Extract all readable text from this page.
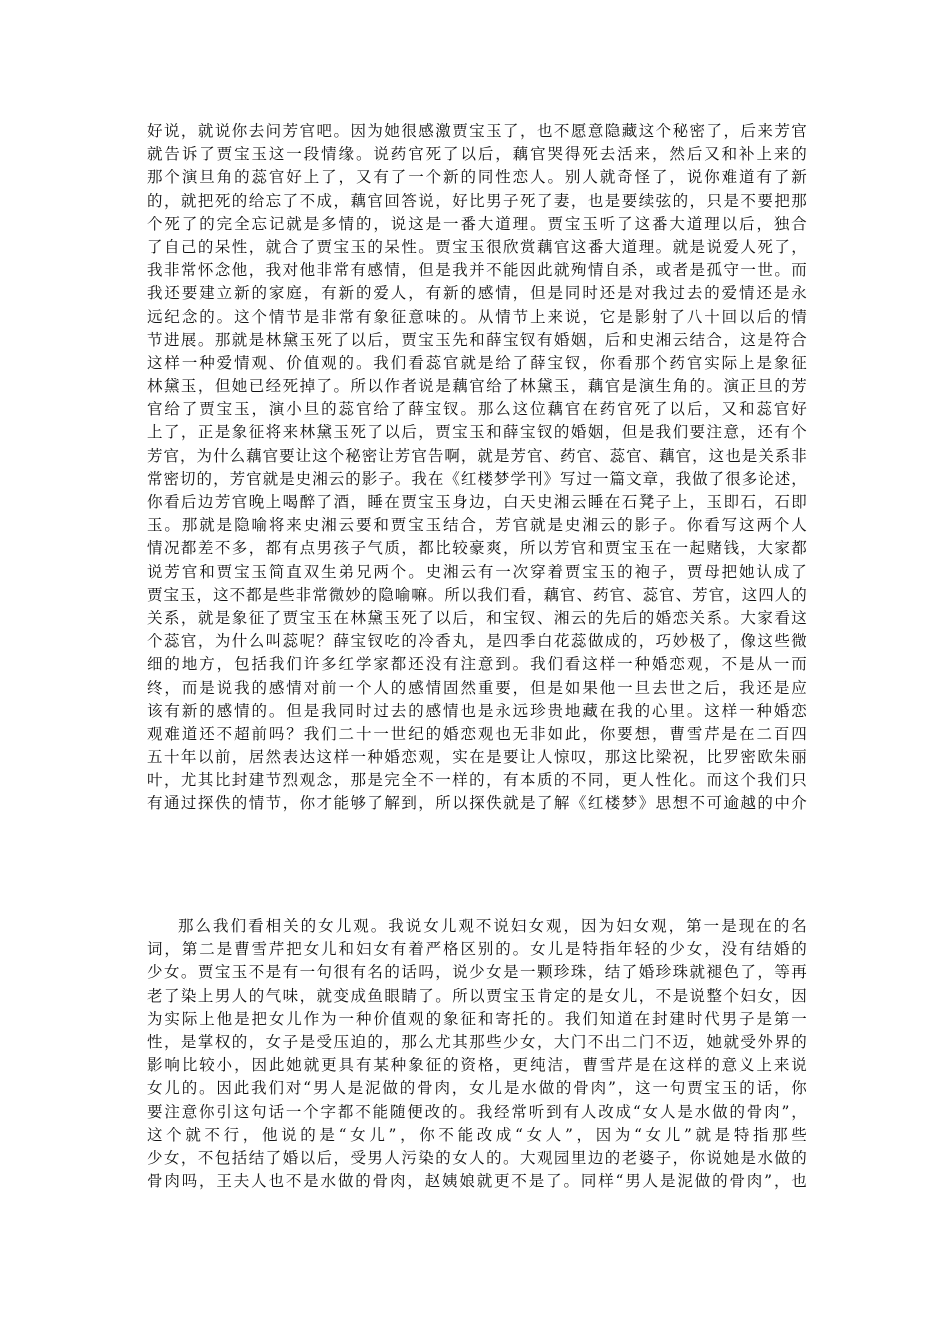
好说，就说你去问芳官吧。因为她很感激贾宝玉了，也不愿意隐藏这个秘密了，后来芳官
就告诉了贾宝玉这一段情缘。说药官死了以后，藕官哭得死去活来，然后又和补上来的
那个演旦角的蕊官好上了，又有了一个新的同性恋人。别人就奇怪了，说你难道有了新
的，就把死的给忘了不成，藕官回答说，好比男子死了妻，也是要续弦的，只是不要把那
个死了的完全忘记就是多情的，说这是一番大道理。贾宝玉听了这番大道理以后，独合
了自己的呆性，就合了贾宝玉的呆性。贾宝玉很欣赏藕官这番大道理。就是说爱人死了，
我非常怀念他，我对他非常有感情，但是我并不能因此就殉情自杀，或者是孤守一世。而
我还要建立新的家庭，有新的爱人，有新的感情，但是同时还是对我过去的爱情还是永
远纪念的。这个情节是非常有象征意味的。从情节上来说，它是影射了八十回以后的情
节进展。那就是林黛玉死了以后，贾宝玉先和薛宝钗有婚姻，后和史湘云结合，这是符合
这样一种爱情观、价值观的。我们看蕊官就是给了薛宝钗，你看那个药官实际上是象征
林黛玉，但她已经死掉了。所以作者说是藕官给了林黛玉，藕官是演生角的。演正旦的芳
官给了贾宝玉，演小旦的蕊官给了薛宝钗。那么这位藕官在药官死了以后，又和蕊官好
上了，正是象征将来林黛玉死了以后，贾宝玉和薛宝钗的婚姻，但是我们要注意，还有个
芳官，为什么藕官要让这个秘密让芳官告啊，就是芳官、药官、蕊官、藕官，这也是关系非
常密切的，芳官就是史湘云的影子。我在《红楼梦学刊》写过一篇文章，我做了很多论述，
你看后边芳官晚上喝醉了酒，睡在贾宝玉身边，白天史湘云睡在石凳子上，玉即石，石即
玉。那就是隐喻将来史湘云要和贾宝玉结合，芳官就是史湘云的影子。你看写这两个人
情况都差不多，都有点男孩子气质，都比较豪爽，所以芳官和贾宝玉在一起赌钱，大家都
说芳官和贾宝玉简直双生弟兄两个。史湘云有一次穿着贾宝玉的袍子，贾母把她认成了
贾宝玉，这不都是些非常微妙的隐喻嘛。所以我们看，藕官、药官、蕊官、芳官，这四人的
关系，就是象征了贾宝玉在林黛玉死了以后，和宝钗、湘云的先后的婚恋关系。大家看这
个蕊官，为什么叫蕊呢？薛宝钗吃的冷香丸，是四季白花蕊做成的，巧妙极了，像这些微
细的地方，包括我们许多红学家都还没有注意到。我们看这样一种婚恋观，不是从一而
终，而是说我的感情对前一个人的感情固然重要，但是如果他一旦去世之后，我还是应
该有新的感情的。但是我同时过去的感情也是永远珍贵地藏在我的心里。这样一种婚恋
观难道还不超前吗？我们二十一世纪的婚恋观也无非如此，你要想，曹雪芹是在二百四
五十年以前，居然表达这样一种婚恋观，实在是要让人惊叹，那这比梁祝，比罗密欧朱丽
叶，尤其比封建节烈观念，那是完全不一样的，有本质的不同，更人性化。而这个我们只
有通过探佚的情节，你才能够了解到，所以探佚就是了解《红楼梦》思想不可逾越的中介
那么我们看相关的女儿观。我说女儿观不说妇女观，因为妇女观，第一是现在的名
词，第二是曹雪芹把女儿和妇女有着严格区别的。女儿是特指年轻的少女，没有结婚的
少女。贾宝玉不是有一句很有名的话吗，说少女是一颗珍珠，结了婚珍珠就褪色了，等再
老了染上男人的气味，就变成鱼眼睛了。所以贾宝玉肯定的是女儿，不是说整个妇女，因
为实际上他是把女儿作为一种价值观的象征和寄托的。我们知道在封建时代男子是第一
性，是掌权的，女子是受压迫的，那么尤其那些少女，大门不出二门不迈，她就受外界的
影响比较小，因此她就更具有某种象征的资格，更纯洁，曹雪芹是在这样的意义上来说
女儿的。因此我们对“男人是泥做的骨肉，女儿是水做的骨肉”，这一句贾宝玉的话，你
要注意你引这句话一个字都不能随便改的。我经常听到有人改成“女人是水做的骨肉”，
这个就不行，他说的是“女儿”，你不能改成“女人”，因为“女儿”就是特指那些
少女，不包括结了婚以后，受男人污染的女人的。大观园里边的老婆子，你说她是水做的
骨肉吗，王夫人也不是水做的骨肉，赵姨娘就更不是了。同样“男人是泥做的骨肉”，也
